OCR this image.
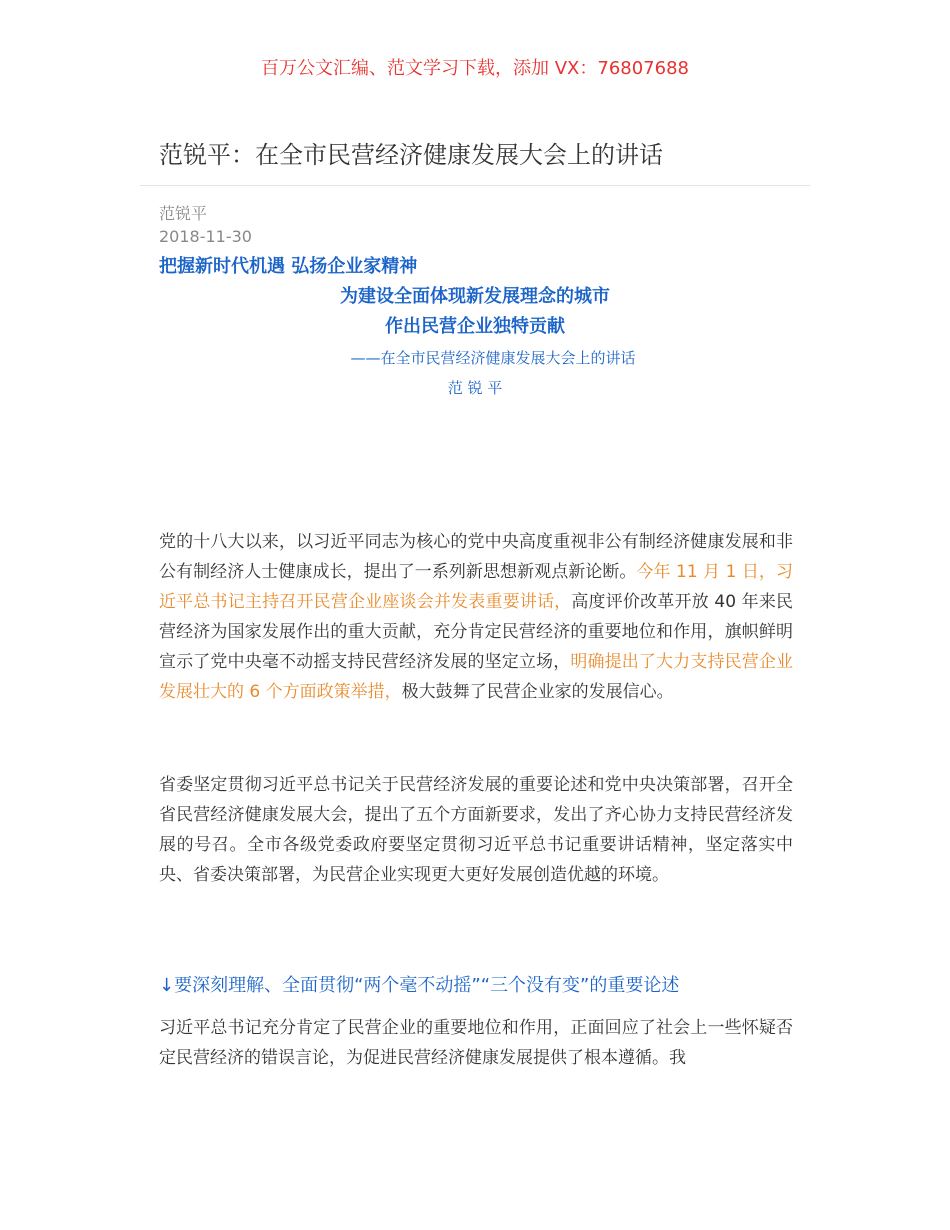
百万公文汇编、范文学习下载，添加 VX：76807688
范锐平：在全市民营经济健康发展大会上的讲话
范锐平
2018-11-30
把握新时代机遇 弘扬企业家精神
为建设全面体现新发展理念的城市
作出民营企业独特贡献
——在全市民营经济健康发展大会上的讲话
范 锐 平

党的十八大以来，以习近平同志为核心的党中央高度重视非公有制经济健康发展和非公有制经济人士健康成长，提出了一系列新思想新观点新论断。今年 11 月 1 日，习近平总书记主持召开民营企业座谈会并发表重要讲话，高度评价改革开放 40 年来民营经济为国家发展作出的重大贡献，充分肯定民营经济的重要地位和作用，旗帜鲜明宣示了党中央毫不动摇支持民营经济发展的坚定立场，明确提出了大力支持民营企业发展壮大的 6 个方面政策举措，极大鼓舞了民营企业家的发展信心。

省委坚定贯彻习近平总书记关于民营经济发展的重要论述和党中央决策部署，召开全省民营经济健康发展大会，提出了五个方面新要求，发出了齐心协力支持民营经济发展的号召。全市各级党委政府要坚定贯彻习近平总书记重要讲话精神，坚定落实中央、省委决策部署，为民营企业实现更大更好发展创造优越的环境。

↓要深刻理解、全面贯彻“两个毫不动摇”“三个没有变”的重要论述

习近平总书记充分肯定了民营企业的重要地位和作用，正面回应了社会上一些怀疑否定民营经济的错误言论，为促进民营经济健康发展提供了根本遵循。我
